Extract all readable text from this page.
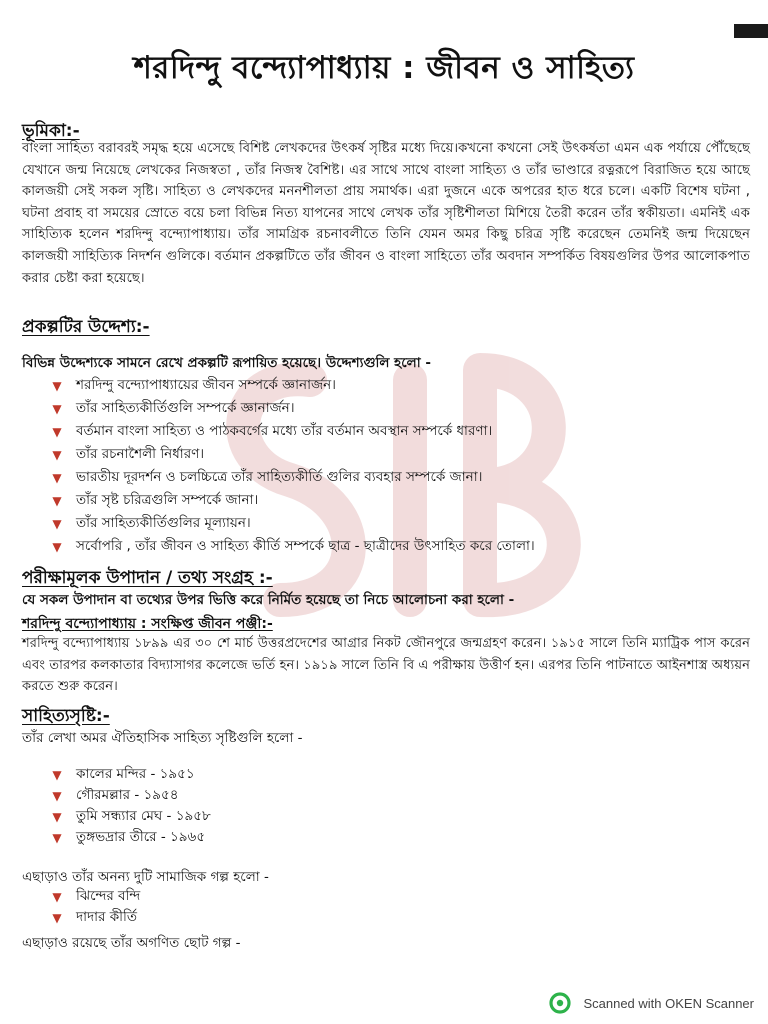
শরদিন্দু বন্দ্যোপাধ্যায় : জীবন ও সাহিত্য
ভূমিকা:-

বাংলা সাহিত্য বরাবরই সমৃদ্ধ হয়ে এসেছে বিশিষ্ট লেখকদের উৎকর্ষ সৃষ্টির মধ্যে দিয়ে।কখনো কখনো সেই উৎকর্ষতা এমন এক পর্যায়ে পৌঁছেছে যেখানে জন্ম নিয়েছে লেখকের নিজস্বতা , তাঁর নিজস্ব বৈশিষ্ট। এর সাথে সাথে বাংলা সাহিত্য ও তাঁর ভাণ্ডারে রত্নরূপে বিরাজিত হয়ে আছে কালজয়ী সেই সকল সৃষ্টি। সাহিত্য ও লেখকদের মননশীলতা প্রায় সমার্থক। এরা দুজনে একে অপরের হাত ধরে চলে। একটি বিশেষ ঘটনা , ঘটনা প্রবাহ বা সময়ের স্রোতে বয়ে চলা বিভিন্ন নিত্য যাপনের সাথে লেখক তাঁর সৃষ্টিশীলতা মিশিয়ে তৈরী করেন তাঁর স্বকীয়তা। এমনিই এক সাহিত্যিক হলেন শরদিন্দু বন্দ্যোপাধ্যায়। তাঁর সামগ্রিক রচনাবলীতে তিনি যেমন অমর কিছু চরিত্র সৃষ্টি করেছেন তেমনিই জন্ম দিয়েছেন কালজয়ী সাহিত্যিক নিদর্শন গুলিকে। বর্তমান প্রকল্পটিতে তাঁর জীবন ও বাংলা সাহিত্যে তাঁর অবদান সম্পর্কিত বিষয়গুলির উপর আলোকপাত করার চেষ্টা করা হয়েছে।

প্রকল্পটির উদ্দেশ্য:-

বিভিন্ন উদ্দেশ্যকে সামনে রেখে প্রকল্পটি রূপায়িত হয়েছে। উদ্দেশ্যগুলি হলো -

▼ শরদিন্দু বন্দ্যোপাধ্যায়ের জীবন সম্পর্কে জ্ঞানার্জন।
▼ তাঁর সাহিত্যকীর্তিগুলি সম্পর্কে জ্ঞানার্জন।
▼ বর্তমান বাংলা সাহিত্য ও পাঠকবর্গের মধ্যে তাঁর বর্তমান অবস্থান সম্পর্কে ধারণা।
▼ তাঁর রচনাশৈলী নির্ধারণ।
▼ ভারতীয় দূরদর্শন ও চলচ্চিত্রে তাঁর সাহিত্যকীর্তি গুলির ব্যবহার সম্পর্কে জানা।
▼ তাঁর সৃষ্ট চরিত্রগুলি সম্পর্কে জানা।
▼ তাঁর সাহিত্যকীর্তিগুলির মূল্যায়ন।
▼ সর্বোপরি , তাঁর জীবন ও সাহিত্য কীর্তি সম্পর্কে ছাত্র - ছাত্রীদের উৎসাহিত করে তোলা।
পরীক্ষামূলক উপাদান / তথ্য সংগ্রহ :-

যে সকল উপাদান বা তথ্যের উপর ভিত্তি করে নির্মিত হয়েছে তা নিচে আলোচনা করা হলো -

শরদিন্দু বন্দ্যোপাধ্যায় : সংক্ষিপ্ত জীবন পঞ্জী:-

শরদিন্দু বন্দ্যোপাধ্যায় ১৮৯৯ এর ৩০ শে মার্চ উত্তরপ্রদেশের আগ্রার নিকট জৌনপুরে জন্মগ্রহণ করেন। ১৯১৫ সালে তিনি ম্যাট্রিক পাস করেন এবং তারপর কলকাতার বিদ্যাসাগর কলেজে ভর্তি হন। ১৯১৯ সালে তিনি বি এ পরীক্ষায় উত্তীর্ণ হন। এরপর তিনি পাটনাতে আইনশাস্ত্র অধ্যয়ন করতে শুরু করেন।

সাহিত্যসৃষ্টি:-

তাঁর লেখা অমর ঐতিহাসিক সাহিত্য সৃষ্টিগুলি হলো -

▼ কালের মন্দির - ১৯৫১
▼ গৌরমল্লার - ১৯৫৪
▼ তুমি সন্ধ্যার মেঘ - ১৯৫৮
▼ তুঙ্গভদ্রার তীরে - ১৯৬৫

এছাড়াও তাঁর অনন্য দুটি সামাজিক গল্প হলো -

▼ ঝিন্দের বন্দি
▼ দাদার কীর্তি

এছাড়াও রয়েছে তাঁর অগণিত ছোট গল্প -

Scanned with OKEN Scanner
